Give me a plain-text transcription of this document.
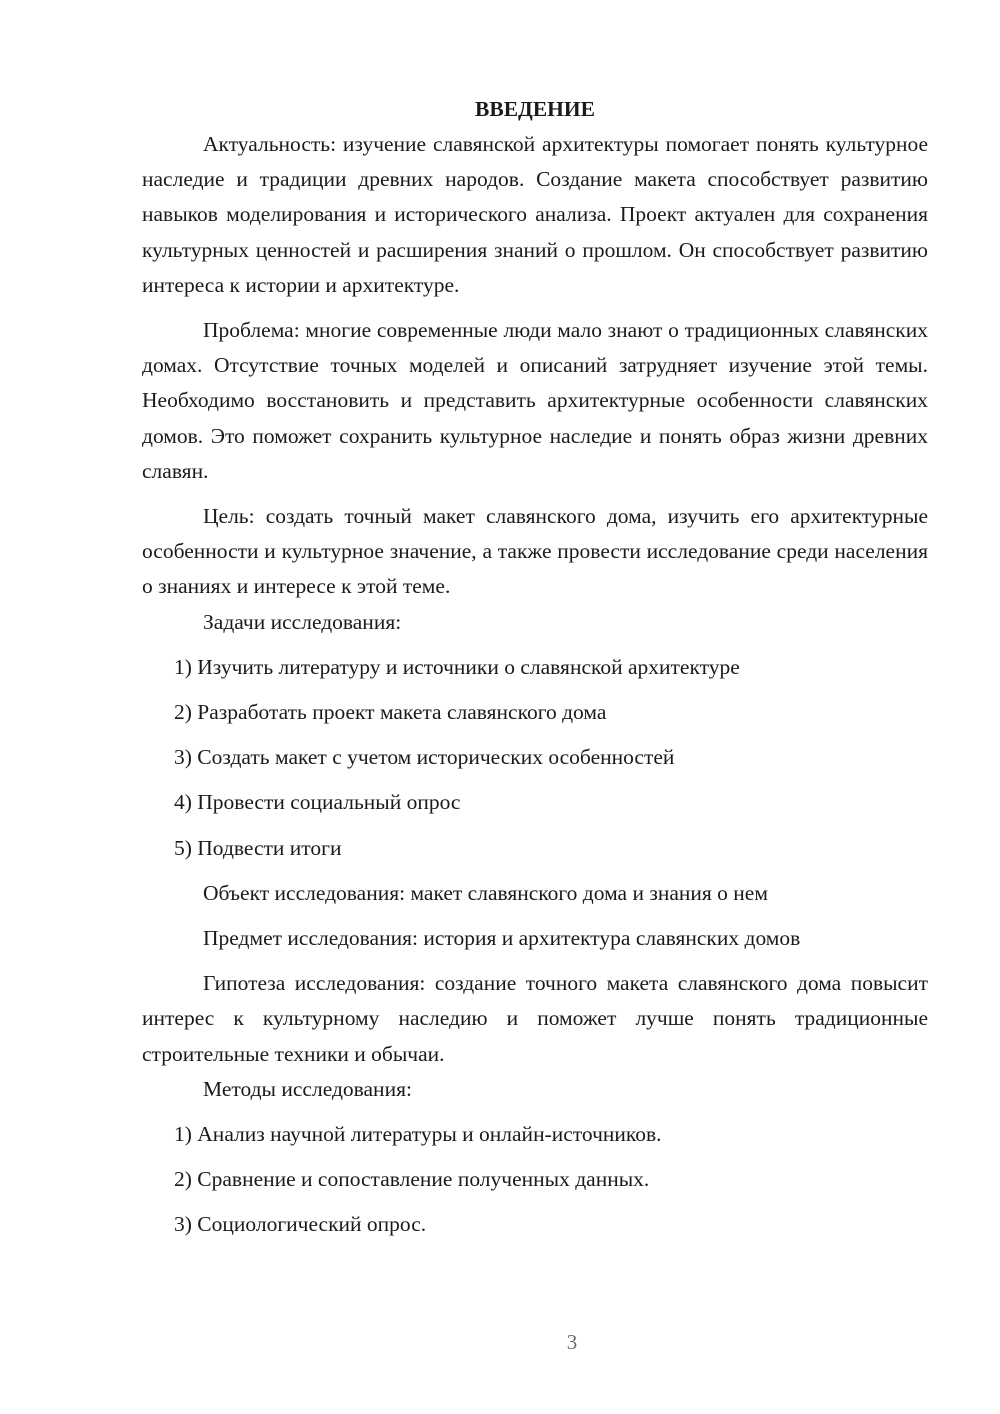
ВВЕДЕНИЕ

Актуальность: изучение славянской архитектуры помогает понять культурное наследие и традиции древних народов. Создание макета способствует развитию навыков моделирования и исторического анализа. Проект актуален для сохранения культурных ценностей и расширения знаний о прошлом. Он способствует развитию интереса к истории и архитектуре.

Проблема: многие современные люди мало знают о традиционных славянских домах. Отсутствие точных моделей и описаний затрудняет изучение этой темы. Необходимо восстановить и представить архитектурные особенности славянских домов. Это поможет сохранить культурное наследие и понять образ жизни древних славян.

Цель: создать точный макет славянского дома, изучить его архитектурные особенности и культурное значение, а также провести исследование среди населения о знаниях и интересе к этой теме.

Задачи исследования:

1) Изучить литературу и источники о славянской архитектуре

2) Разработать проект макета славянского дома

3) Создать макет с учетом исторических особенностей

4) Провести социальный опрос

5) Подвести итоги

Объект исследования: макет славянского дома и знания о нем

Предмет исследования: история и архитектура славянских домов

Гипотеза исследования: создание точного макета славянского дома повысит интерес к культурному наследию и поможет лучше понять традиционные строительные техники и обычаи.

Методы исследования:

1) Анализ научной литературы и онлайн-источников.

2) Сравнение и сопоставление полученных данных.

3) Социологический опрос.

3
